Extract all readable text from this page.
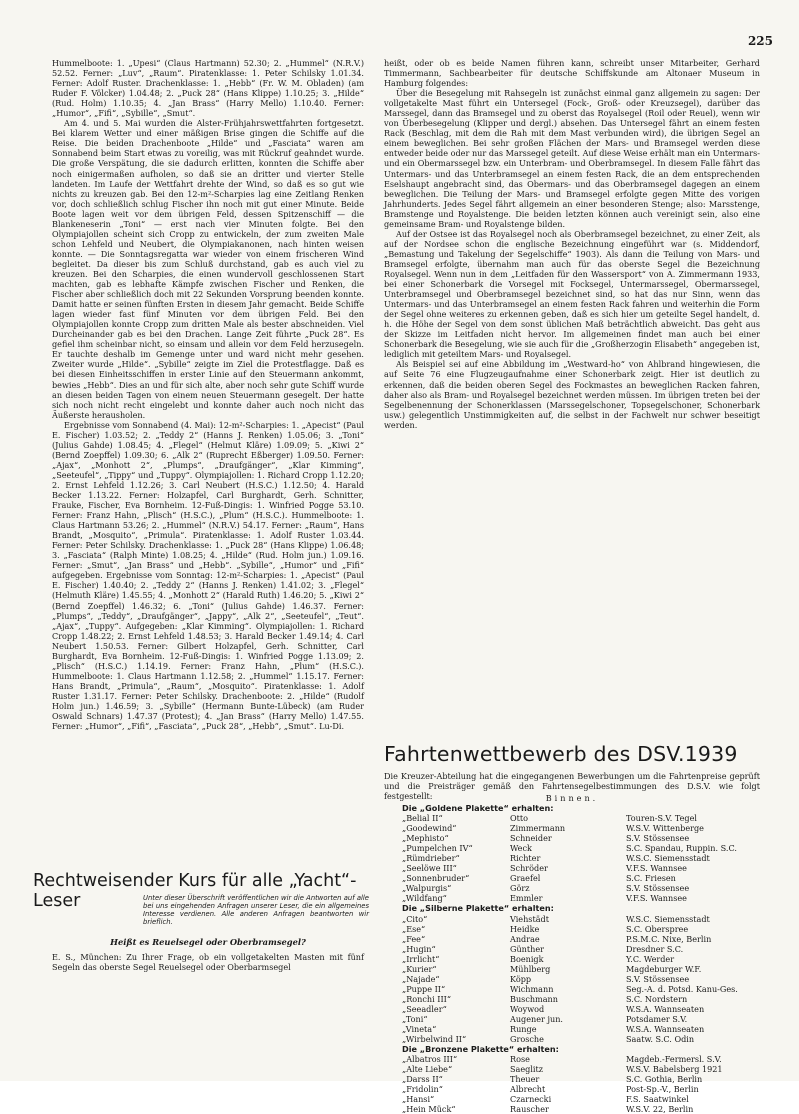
225

Hummelboote: 1. „Upesi“ (Claus Hartmann) 52.30; 2. „Hummel“ (N.R.V.) 52.52. Ferner: „Luv“, „Raum“. Piratenklasse: 1. Peter Schilsky 1.01.34. Ferner: Adolf Ruster. Drachenklasse: 1. „Hebb“ (Fr. W. M. Obladen) (am Ruder F. Völcker) 1.04.48; 2. „Puck 28“ (Hans Klippe) 1.10.25; 3. „Hilde“ (Rud. Holm) 1.10.35; 4. „Jan Brass“ (Harry Mello) 1.10.40. Ferner: „Humor“, „Fifi“, „Sybille“, „Smut“.

Am 4. und 5. Mai wurden die Alster-Frühjahrswettfahrten fortgesetzt. Bei klarem Wetter und einer mäßigen Brise gingen die Schiffe auf die Reise. Die beiden Drachenboote „Hilde“ und „Fasciata“ waren am Sonnabend beim Start etwas zu voreilig, was mit Rückruf geahndet wurde. Die große Verspätung, die sie dadurch erlitten, konnten die Schiffe aber noch einigermaßen aufholen, so daß sie an dritter und vierter Stelle landeten. Im Laufe der Wettfahrt drehte der Wind, so daß es so gut wie nichts zu kreuzen gab. Bei den 12-m²-Scharpies lag eine Zeitlang Renken vor, doch schließlich schlug Fischer ihn noch mit gut einer Minute. Beide Boote lagen weit vor dem übrigen Feld, dessen Spitzenschiff — die Blankeneserin „Toni“ — erst nach vier Minuten folgte. Bei den Olympiajollen scheint sich Cropp zu entwickeln, der zum zweiten Male schon Lehfeld und Neubert, die Olympiakanonen, nach hinten weisen konnte. — Die Sonntagsregatta war wieder von einem frischeren Wind begleitet. Da dieser bis zum Schluß durchstand, gab es auch viel zu kreuzen. Bei den Scharpies, die einen wundervoll geschlossenen Start machten, gab es lebhafte Kämpfe zwischen Fischer und Renken, die Fischer aber schließlich doch mit 22 Sekunden Vorsprung beenden konnte. Damit hatte er seinen fünften Ersten in diesem Jahr gemacht. Beide Schiffe lagen wieder fast fünf Minuten vor dem übrigen Feld. Bei den Olympiajollen konnte Cropp zum dritten Male als bester abschneiden. Viel Durcheinander gab es bei den Drachen. Lange Zeit führte „Puck 28“. Es gefiel ihm scheinbar nicht, so einsam und allein vor dem Feld herzusegeln. Er tauchte deshalb im Gemenge unter und ward nicht mehr gesehen. Zweiter wurde „Hilde“. „Sybille“ zeigte im Ziel die Protestflagge. Daß es bei diesen Einheitsschiffen in erster Linie auf den Steuermann ankommt, bewies „Hebb“. Dies an und für sich alte, aber noch sehr gute Schiff wurde an diesen beiden Tagen von einem neuen Steuermann gesegelt. Der hatte sich noch nicht recht eingelebt und konnte daher auch noch nicht das Äußerste herausholen.

Ergebnisse vom Sonnabend (4. Mai): 12-m²-Scharpies: 1. „Apecist“ (Paul E. Fischer) 1.03.52; 2. „Teddy 2“ (Hanns J. Renken) 1.05.06; 3. „Toni“ (Julius Gahde) 1.08.45; 4. „Flegel“ (Helmut Kläre) 1.09.09; 5. „Kiwi 2“ (Bernd Zoepffel) 1.09.30; 6. „Alk 2“ (Ruprecht Eßberger) 1.09.50. Ferner: „Ajax“, „Monhott 2“, „Plumps“, „Draufgänger“, „Klar Kimming“, „Seeteufel“, „Tippy“ und „Tuppy“. Olympiajollen: 1. Richard Cropp 1.12.20; 2. Ernst Lehfeld 1.12.26; 3. Carl Neubert (H.S.C.) 1.12.50; 4. Harald Becker 1.13.22. Ferner: Holzapfel, Carl Burghardt, Gerh. Schnitter, Frauke, Fischer, Eva Bornheim. 12-Fuß-Dingis: 1. Winfried Pogge 53.10. Ferner: Franz Hahn, „Plisch“ (H.S.C.), „Plum“ (H.S.C.). Hummelboote: 1. Claus Hartmann 53.26; 2. „Hummel“ (N.R.V.) 54.17. Ferner: „Raum“, Hans Brandt, „Mosquito“, „Primula“. Piratenklasse: 1. Adolf Ruster 1.03.44. Ferner: Peter Schilsky. Drachenklasse: 1. „Puck 28“ (Hans Klippe) 1.06.48; 3. „Fasciata“ (Ralph Minte) 1.08.25; 4. „Hilde“ (Rud. Holm jun.) 1.09.16. Ferner: „Smut“, „Jan Brass“ und „Hebb“. „Sybille“, „Humor“ und „Fifi“ aufgegeben. Ergebnisse vom Sonntag: 12-m²-Scharpies: 1. „Apecist“ (Paul E. Fischer) 1.40.40; 2. „Teddy 2“ (Hanns J. Renken) 1.41.02; 3. „Flegel“ (Helmuth Kläre) 1.45.55; 4. „Monhott 2“ (Harald Ruth) 1.46.20; 5. „Kiwi 2“ (Bernd Zoepffel) 1.46.32; 6. „Toni“ (Julius Gahde) 1.46.37. Ferner: „Plumps“, „Teddy“, „Draufgänger“, „Jappy“, „Alk 2“, „Seeteufel“, „Teut“. „Ajax“, „Tuppy“. Aufgegeben: „Klar Kimming“. Olympiajollen: 1. Richard Cropp 1.48.22; 2. Ernst Lehfeld 1.48.53; 3. Harald Becker 1.49.14; 4. Carl Neubert 1.50.53. Ferner: Gilbert Holzapfel, Gerh. Schnitter, Carl Burghardt, Eva Bornheim. 12-Fuß-Dingis: 1. Winfried Pogge 1.13.09; 2. „Plisch“ (H.S.C.) 1.14.19. Ferner: Franz Hahn, „Plum“ (H.S.C.). Hummelboote: 1. Claus Hartmann 1.12.58; 2. „Hummel“ 1.15.17. Ferner: Hans Brandt, „Primula“, „Raum“, „Mosquito“. Piratenklasse: 1. Adolf Ruster 1.31.17. Ferner: Peter Schilsky. Drachenboote: 2. „Hilde“ (Rudolf Holm jun.) 1.46.59; 3. „Sybille“ (Hermann Bunte-Lübeck) (am Ruder Oswald Schnars) 1.47.37 (Protest); 4. „Jan Brass“ (Harry Mello) 1.47.55. Ferner: „Humor“, „Fifi“, „Fasciata“, „Puck 28“, „Hebb“, „Smut“. Lu-Di.

heißt, oder ob es beide Namen führen kann, schreibt unser Mitarbeiter, Gerhard Timmermann, Sachbearbeiter für deutsche Schiffskunde am Altonaer Museum in Hamburg folgendes:

Über die Besegelung mit Rahsegeln ist zunächst einmal ganz allgemein zu sagen: Der vollgetakelte Mast führt ein Untersegel (Fock-, Groß- oder Kreuzsegel), darüber das Marssegel, dann das Bramsegel und zu oberst das Royalsegel (Roil oder Reuel), wenn wir von Überbesegelung (Klipper und dergl.) absehen. Das Untersegel fährt an einem festen Rack (Beschlag, mit dem die Rah mit dem Mast verbunden wird), die übrigen Segel an einem beweglichen. Bei sehr großen Flächen der Mars- und Bramsegel werden diese entweder beide oder nur das Marssegel geteilt. Auf diese Weise erhält man ein Untermars- und ein Obermarssegel bzw. ein Unterbram- und Oberbramsegel. In diesem Falle fährt das Untermars- und das Unterbramsegel an einem festen Rack, die an dem entsprechenden Eselshaupt angebracht sind, das Obermars- und das Oberbramsegel dagegen an einem beweglichen. Die Teilung der Mars- und Bramsegel erfolgte gegen Mitte des vorigen Jahrhunderts. Jedes Segel fährt allgemein an einer besonderen Stenge; also: Marsstenge, Bramstenge und Royalstenge. Die beiden letzten können auch vereinigt sein, also eine gemeinsame Bram- und Royalstenge bilden.

Auf der Ostsee ist das Royalsegel noch als Oberbramsegel bezeichnet, zu einer Zeit, als auf der Nordsee schon die englische Bezeichnung eingeführt war (s. Middendorf, „Bemastung und Takelung der Segelschiffe“ 1903). Als dann die Teilung von Mars- und Bramsegel erfolgte, übernahm man auch für das oberste Segel die Bezeichnung Royalsegel. Wenn nun in dem „Leitfaden für den Wassersport“ von A. Zimmermann 1933, bei einer Schonerbark die Vorsegel mit Focksegel, Untermarssegel, Obermarssegel, Unterbramsegel und Oberbramsegel bezeichnet sind, so hat das nur Sinn, wenn das Untermars- und das Unterbramsegel an einem festen Rack fahren und weiterhin die Form der Segel ohne weiteres zu erkennen geben, daß es sich hier um geteilte Segel handelt, d. h. die Höhe der Segel von dem sonst üblichen Maß beträchtlich abweicht. Das geht aus der Skizze im Leitfaden nicht hervor. Im allgemeinen findet man auch bei einer Schonerbark die Besegelung, wie sie auch für die „Großherzogin Elisabeth“ angegeben ist, lediglich mit geteiltem Mars- und Royalsegel.

Als Beispiel sei auf eine Abbildung im „Westward-ho“ von Ahlbrand hingewiesen, die auf Seite 76 eine Flugzeugaufnahme einer Schonerbark zeigt. Hier ist deutlich zu erkennen, daß die beiden oberen Segel des Fockmastes an beweglichen Racken fahren, daher also als Bram- und Royalsegel bezeichnet werden müssen. Im übrigen treten bei der Segelbenennung der Schonerklassen (Marssegelschoner, Topsegelschoner, Schonerbark usw.) gelegentlich Unstimmigkeiten auf, die selbst in der Fachwelt nur schwer beseitigt werden.

Fahrtenwettbewerb des DSV.1939
Die Kreuzer-Abteilung hat die eingegangenen Bewerbungen um die Fahrtenpreise geprüft und die Preisträger gemäß den Fahrtensegelbestimmungen des D.S.V. wie folgt festgestellt:	Binnen.
Die „Goldene Plakette“ erhalten:
„Belial II“	Otto	Touren-S.V. Tegel
„Goodewind“	Zimmermann	W.S.V. Wittenberge
„Mephisto“	Schneider	S.V. Stössensee
„Pumpelchen IV“	Weck	S.C. Spandau, Ruppin. S.C.
„Rümdrieber“	Richter	W.S.C. Siemensstadt
„Seelöwe III“	Schröder	V.F.S. Wannsee
„Sonnenbruder“	Graefel	S.C. Friesen
„Walpurgis“	Görz	S.V. Stössensee
„Wildfang“	Emmler	V.F.S. Wannsee
Die „Silberne Plakette“ erhalten:
„Cito“	Viehstädt	W.S.C. Siemensstadt
„Ese“	Heidke	S.C. Oberspree
„Fee“	Andrae	P.S.M.C. Nixe, Berlin
„Hugin“	Günther	Dresdner S.C.
„Irrlicht“	Boenigk	Y.C. Werder
„Kurier“	Mühlberg	Magdeburger W.F.
„Najade“	Köpp	S.V. Stössensee
„Puppe II“	Wichmann	Seg.-A. d. Potsd. Kanu-Ges.
„Ronchi III“	Buschmann	S.C. Nordstern
„Seeadler“	Woywod	W.S.A. Wannseaten
„Toni“	Augener jun.	Potsdamer S.V.
„Vineta“	Runge	W.S.A. Wannseaten
„Wirbelwind II“	Grosche	Saatw. S.C. Odin
Die „Bronzene Plakette“ erhalten:
„Albatros III“	Rose	Magdeb.-Fermersl. S.V.
„Alte Liebe“	Saeglitz	W.S.V. Babelsberg 1921
„Darss II“	Theuer	S.C. Gothia, Berlin
„Fridolin“	Albrecht	Post-Sp.-V., Berlin
„Hansi“	Czarnecki	F.S. Saatwinkel
„Hein Mück“	Rauscher	W.S.V. 22, Berlin
Rechtweisender Kurs für alle „Yacht“-Leser	Unter dieser Überschrift veröffentlichen wir die Antworten auf alle bei uns eingehenden Anfragen unserer Leser, die ein allgemeines Interesse verdienen. Alle anderen Anfragen beantworten wir brieflich.
Heißt es Reuelsegel oder Oberbramsegel?
E. S., München: Zu Ihrer Frage, ob ein vollgetakelten Masten mit fünf Segeln das oberste Segel Reuelsegel oder Oberbarmsegel
